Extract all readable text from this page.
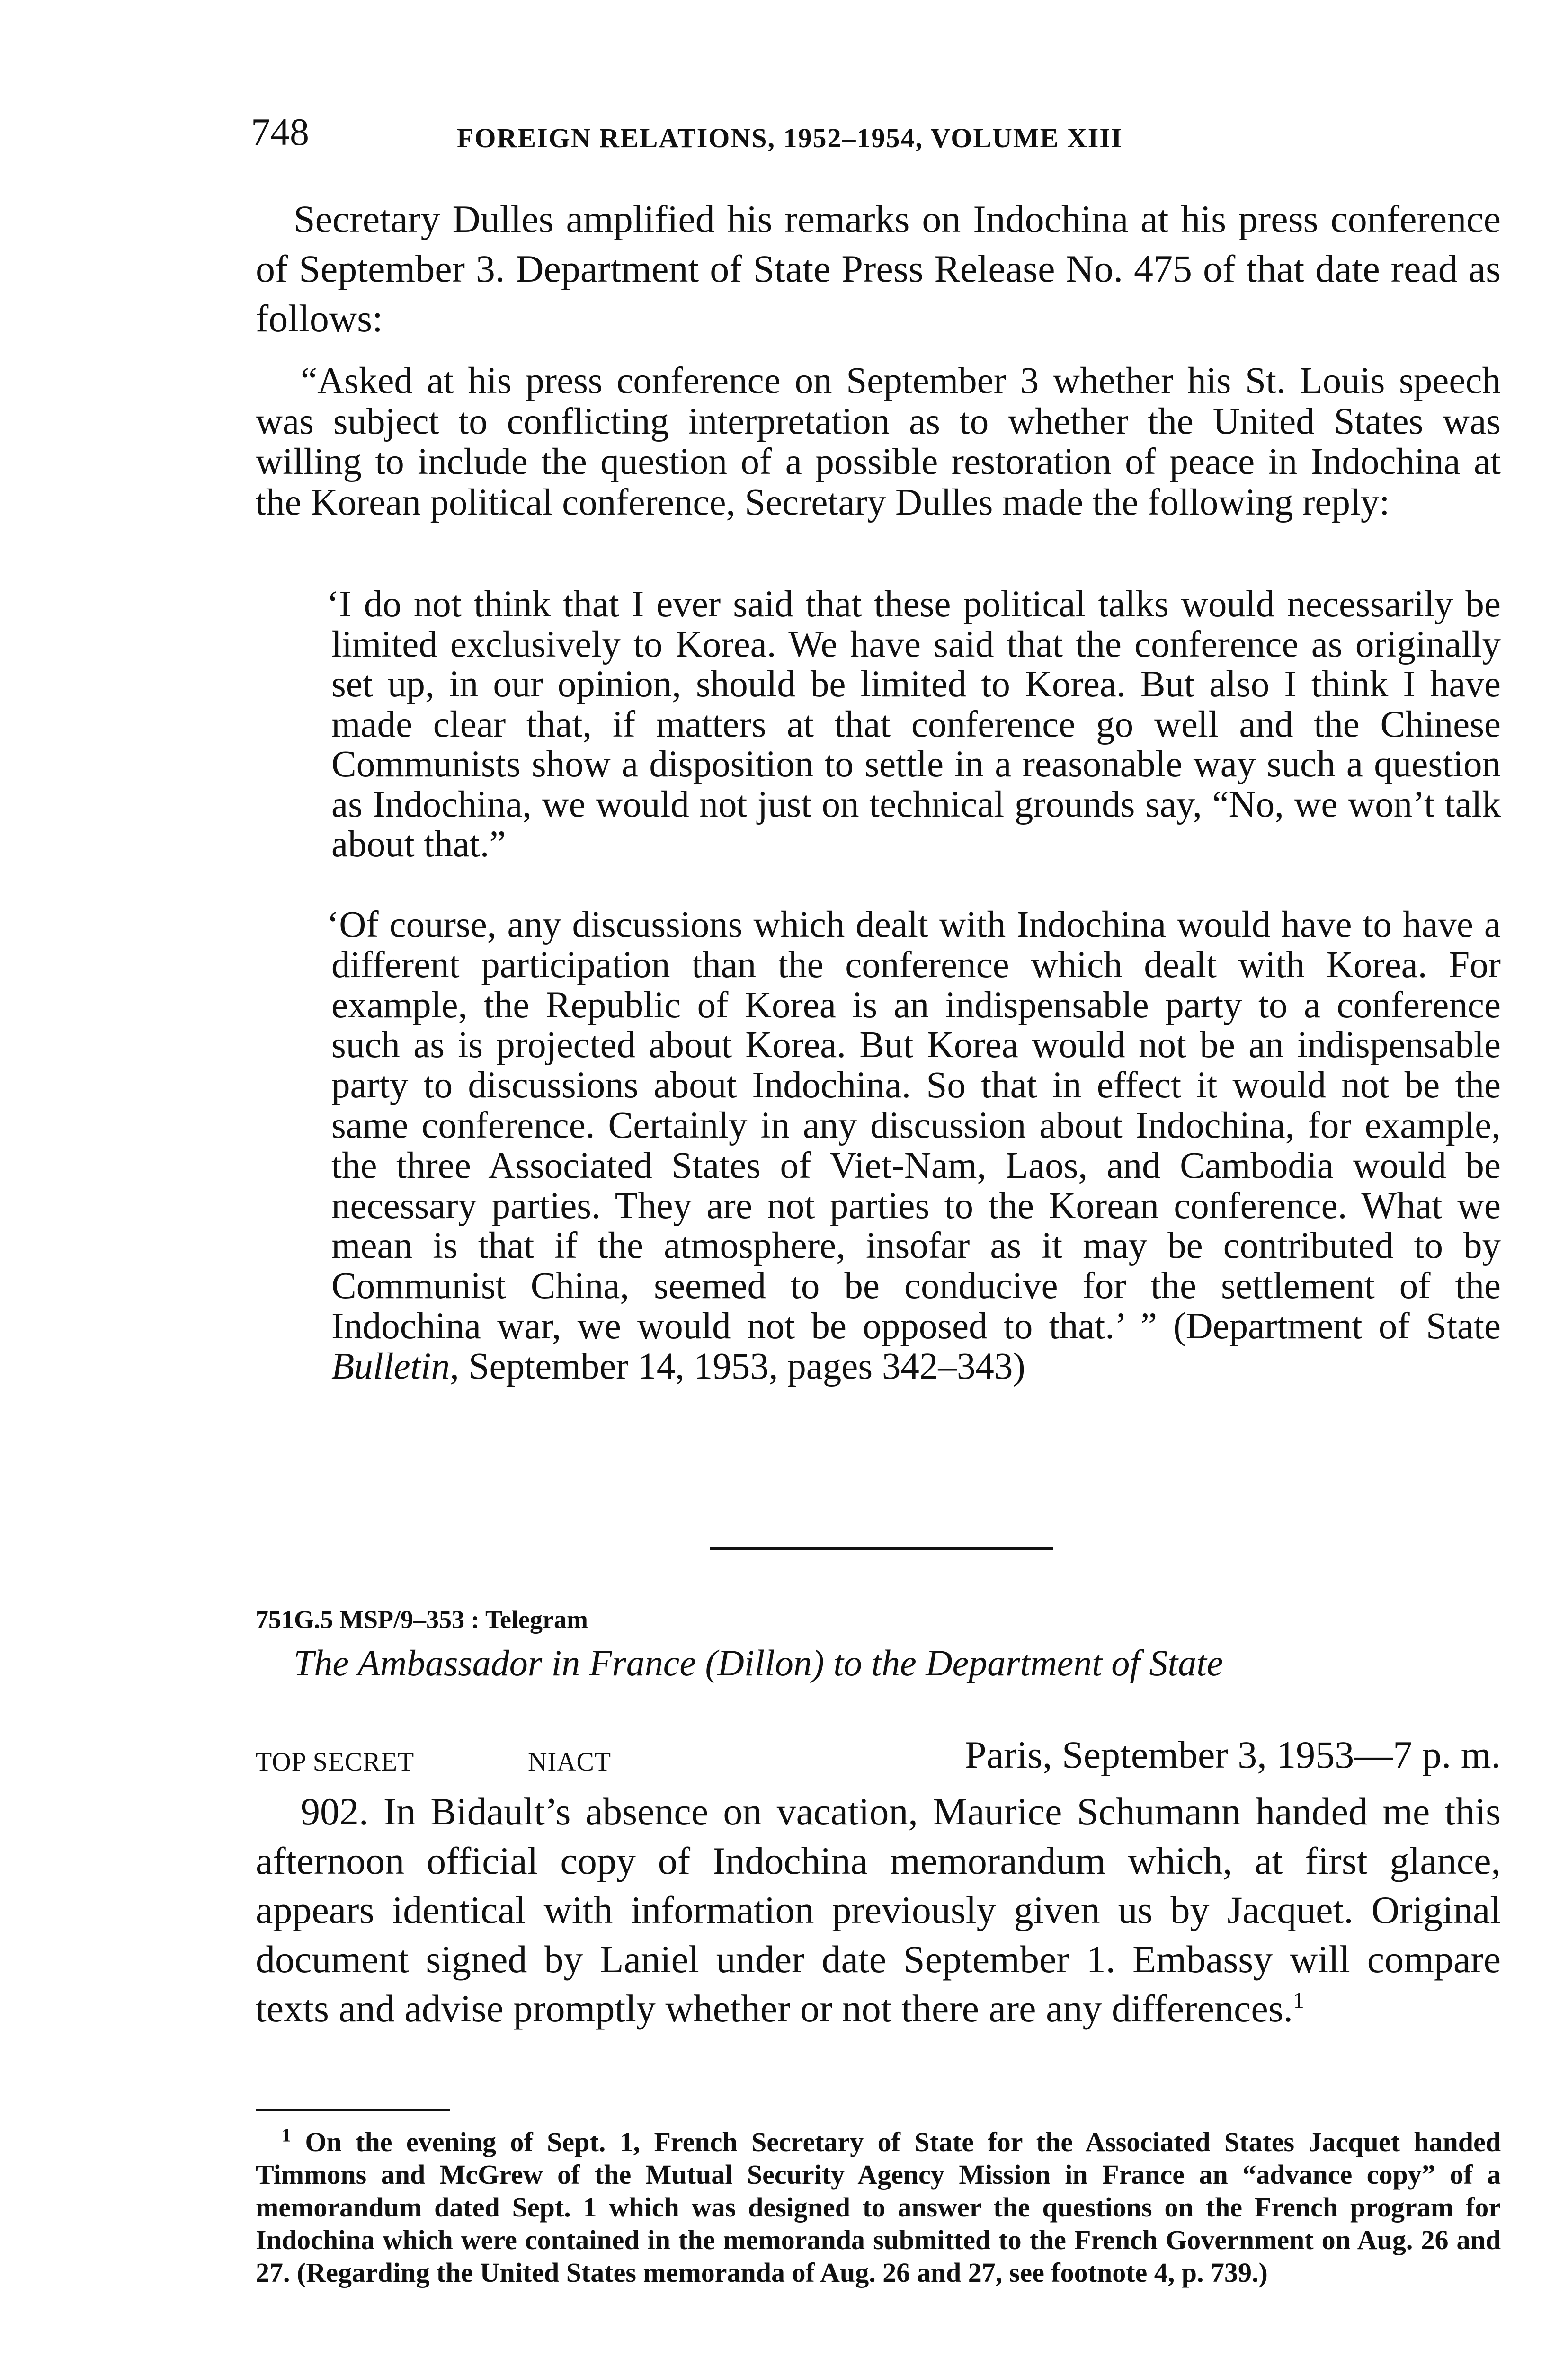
748	FOREIGN RELATIONS, 1952–1954, VOLUME XIII

Secretary Dulles amplified his remarks on Indochina at his press conference of September 3. Department of State Press Release No. 475 of that date read as follows:

“Asked at his press conference on September 3 whether his St. Louis speech was subject to conflicting interpretation as to whether the United States was willing to include the question of a possible restoration of peace in Indochina at the Korean political conference, Secretary Dulles made the following reply:

‘I do not think that I ever said that these political talks would necessarily be limited exclusively to Korea. We have said that the conference as originally set up, in our opinion, should be limited to Korea. But also I think I have made clear that, if matters at that conference go well and the Chinese Communists show a disposition to settle in a reasonable way such a question as Indochina, we would not just on technical grounds say, “No, we won’t talk about that.”

‘Of course, any discussions which dealt with Indochina would have to have a different participation than the conference which dealt with Korea. For example, the Republic of Korea is an indispensable party to a conference such as is projected about Korea. But Korea would not be an indispensable party to discussions about Indochina. So that in effect it would not be the same conference. Certainly in any discussion about Indochina, for example, the three Associated States of Viet-Nam, Laos, and Cambodia would be necessary parties. They are not parties to the Korean conference. What we mean is that if the atmosphere, insofar as it may be contributed to by Communist China, seemed to be conducive for the settlement of the Indochina war, we would not be opposed to that.’ ” (Department of State Bulletin, September 14, 1953, pages 342–343)

751G.5 MSP/9–353 : Telegram
The Ambassador in France (Dillon) to the Department of State
TOP SECRET	NIACT	Paris, September 3, 1953—7 p. m.

902. In Bidault’s absence on vacation, Maurice Schumann handed me this afternoon official copy of Indochina memorandum which, at first glance, appears identical with information previously given us by Jacquet. Original document signed by Laniel under date September 1. Embassy will compare texts and advise promptly whether or not there are any differences.$^1$

$^1$ On the evening of Sept. 1, French Secretary of State for the Associated States Jacquet handed Timmons and McGrew of the Mutual Security Agency Mission in France an “advance copy” of a memorandum dated Sept. 1 which was designed to answer the questions on the French program for Indochina which were contained in the memoranda submitted to the French Government on Aug. 26 and 27. (Regarding the United States memoranda of Aug. 26 and 27, see footnote 4, p. 739.)
